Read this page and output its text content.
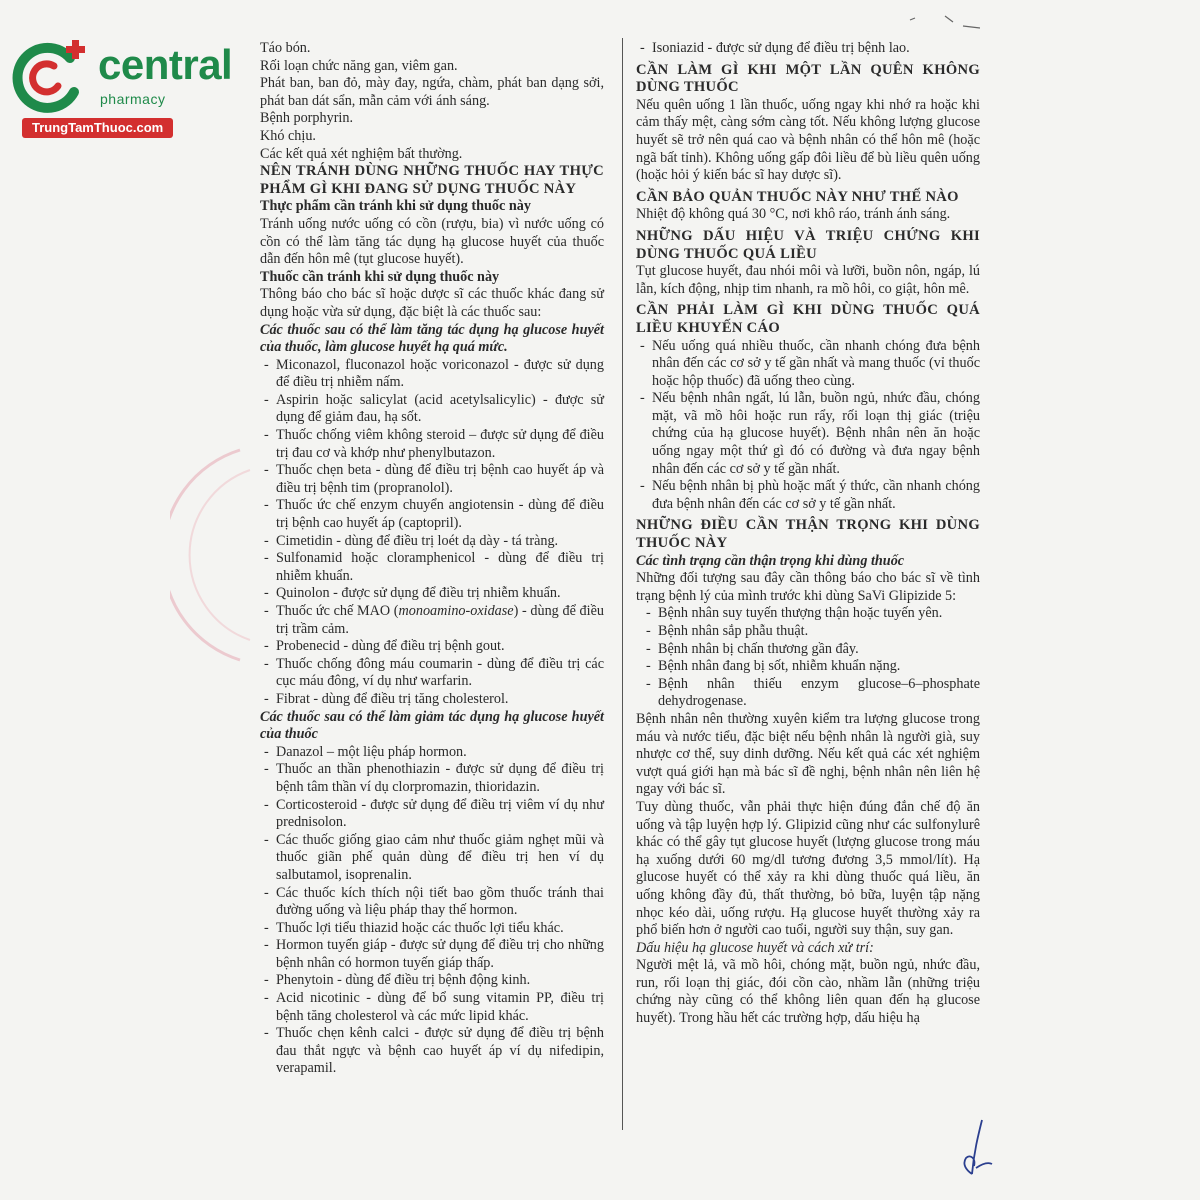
central
pharmacy
TrungTamThuoc.com

Táo bón.

Rối loạn chức năng gan, viêm gan.

Phát ban, ban đỏ, mày đay, ngứa, chàm, phát ban dạng sởi, phát ban dát sẩn, mẫn cảm với ánh sáng.

Bệnh porphyrin.

Khó chịu.

Các kết quả xét nghiệm bất thường.

NÊN TRÁNH DÙNG NHỮNG THUỐC HAY THỰC PHẨM GÌ KHI ĐANG SỬ DỤNG THUỐC NÀY

Thực phẩm cần tránh khi sử dụng thuốc này

Tránh uống nước uống có cồn (rượu, bia) vì nước uống có cồn có thể làm tăng tác dụng hạ glucose huyết của thuốc dẫn đến hôn mê (tụt glucose huyết).

Thuốc cần tránh khi sử dụng thuốc này

Thông báo cho bác sĩ hoặc dược sĩ các thuốc khác đang sử dụng hoặc vừa sử dụng, đặc biệt là các thuốc sau:

Các thuốc sau có thể làm tăng tác dụng hạ glucose huyết của thuốc, làm glucose huyết hạ quá mức.

- Miconazol, fluconazol hoặc voriconazol - được sử dụng để điều trị nhiễm nấm.
- Aspirin hoặc salicylat (acid acetylsalicylic) - được sử dụng để giảm đau, hạ sốt.
- Thuốc chống viêm không steroid – được sử dụng để điều trị đau cơ và khớp như phenylbutazon.
- Thuốc chẹn beta - dùng để điều trị bệnh cao huyết áp và điều trị bệnh tim (propranolol).
- Thuốc ức chế enzym chuyển angiotensin - dùng để điều trị bệnh cao huyết áp (captopril).
- Cimetidin - dùng để điều trị loét dạ dày - tá tràng.
- Sulfonamid hoặc cloramphenicol - dùng để điều trị nhiễm khuẩn.
- Quinolon - được sử dụng để điều trị nhiễm khuẩn.
- Thuốc ức chế MAO (monoamino-oxidase) - dùng để điều trị trầm cảm.
- Probenecid - dùng để điều trị bệnh gout.
- Thuốc chống đông máu coumarin - dùng để điều trị các cục máu đông, ví dụ như warfarin.
- Fibrat - dùng để điều trị tăng cholesterol.

Các thuốc sau có thể làm giảm tác dụng hạ glucose huyết của thuốc

- Danazol – một liệu pháp hormon.
- Thuốc an thần phenothiazin - được sử dụng để điều trị bệnh tâm thần ví dụ clorpromazin, thioridazin.
- Corticosteroid - được sử dụng để điều trị viêm ví dụ như prednisolon.
- Các thuốc giống giao cảm như thuốc giảm nghẹt mũi và thuốc giãn phế quản dùng để điều trị hen ví dụ salbutamol, isoprenalin.
- Các thuốc kích thích nội tiết bao gồm thuốc tránh thai đường uống và liệu pháp thay thế hormon.
- Thuốc lợi tiểu thiazid hoặc các thuốc lợi tiểu khác.
- Hormon tuyến giáp - được sử dụng để điều trị cho những bệnh nhân có hormon tuyến giáp thấp.
- Phenytoin - dùng để điều trị bệnh động kinh.
- Acid nicotinic - dùng để bổ sung vitamin PP, điều trị bệnh tăng cholesterol và các mức lipid khác.
- Thuốc chẹn kênh calci - được sử dụng để điều trị bệnh đau thắt ngực và bệnh cao huyết áp ví dụ nifedipin, verapamil.
- Isoniazid - được sử dụng để điều trị bệnh lao.

CẦN LÀM GÌ KHI MỘT LẦN QUÊN KHÔNG DÙNG THUỐC

Nếu quên uống 1 lần thuốc, uống ngay khi nhớ ra hoặc khi cảm thấy mệt, càng sớm càng tốt. Nếu không lượng glucose huyết sẽ trở nên quá cao và bệnh nhân có thể hôn mê (hoặc ngã bất tỉnh). Không uống gấp đôi liều để bù liều quên uống (hoặc hỏi ý kiến bác sĩ hay dược sĩ).

CẦN BẢO QUẢN THUỐC NÀY NHƯ THẾ NÀO

Nhiệt độ không quá 30 °C, nơi khô ráo, tránh ánh sáng.

NHỮNG DẤU HIỆU VÀ TRIỆU CHỨNG KHI DÙNG THUỐC QUÁ LIỀU

Tụt glucose huyết, đau nhói môi và lưỡi, buồn nôn, ngáp, lú lẫn, kích động, nhịp tim nhanh, ra mồ hôi, co giật, hôn mê.

CẦN PHẢI LÀM GÌ KHI DÙNG THUỐC QUÁ LIỀU KHUYẾN CÁO

- Nếu uống quá nhiều thuốc, cần nhanh chóng đưa bệnh nhân đến các cơ sở y tế gần nhất và mang thuốc (vỉ thuốc hoặc hộp thuốc) đã uống theo cùng.
- Nếu bệnh nhân ngất, lú lẫn, buồn ngủ, nhức đầu, chóng mặt, vã mồ hôi hoặc run rẩy, rối loạn thị giác (triệu chứng của hạ glucose huyết). Bệnh nhân nên ăn hoặc uống ngay một thứ gì đó có đường và đưa ngay bệnh nhân đến các cơ sở y tế gần nhất.
- Nếu bệnh nhân bị phù hoặc mất ý thức, cần nhanh chóng đưa bệnh nhân đến các cơ sở y tế gần nhất.

NHỮNG ĐIỀU CẦN THẬN TRỌNG KHI DÙNG THUỐC NÀY

Các tình trạng cần thận trọng khi dùng thuốc

Những đối tượng sau đây cần thông báo cho bác sĩ về tình trạng bệnh lý của mình trước khi dùng SaVi Glipizide 5:

- Bệnh nhân suy tuyến thượng thận hoặc tuyến yên.
- Bệnh nhân sắp phẫu thuật.
- Bệnh nhân bị chấn thương gần đây.
- Bệnh nhân đang bị sốt, nhiễm khuẩn nặng.
- Bệnh nhân thiếu enzym glucose–6–phosphate dehydrogenase.

Bệnh nhân nên thường xuyên kiểm tra lượng glucose trong máu và nước tiểu, đặc biệt nếu bệnh nhân là người già, suy nhược cơ thể, suy dinh dưỡng. Nếu kết quả các xét nghiệm vượt quá giới hạn mà bác sĩ đề nghị, bệnh nhân nên liên hệ ngay với bác sĩ.

Tuy dùng thuốc, vẫn phải thực hiện đúng đắn chế độ ăn uống và tập luyện hợp lý. Glipizid cũng như các sulfonylurê khác có thể gây tụt glucose huyết (lượng glucose trong máu hạ xuống dưới 60 mg/dl tương đương 3,5 mmol/lít). Hạ glucose huyết có thể xảy ra khi dùng thuốc quá liều, ăn uống không đầy đủ, thất thường, bỏ bữa, luyện tập nặng nhọc kéo dài, uống rượu. Hạ glucose huyết thường xảy ra phổ biến hơn ở người cao tuổi, người suy thận, suy gan.

Dấu hiệu hạ glucose huyết và cách xử trí:

Người mệt lả, vã mồ hôi, chóng mặt, buồn ngủ, nhức đầu, run, rối loạn thị giác, đói cồn cào, nhầm lẫn (những triệu chứng này cũng có thể không liên quan đến hạ glucose huyết). Trong hầu hết các trường hợp, dấu hiệu hạ
